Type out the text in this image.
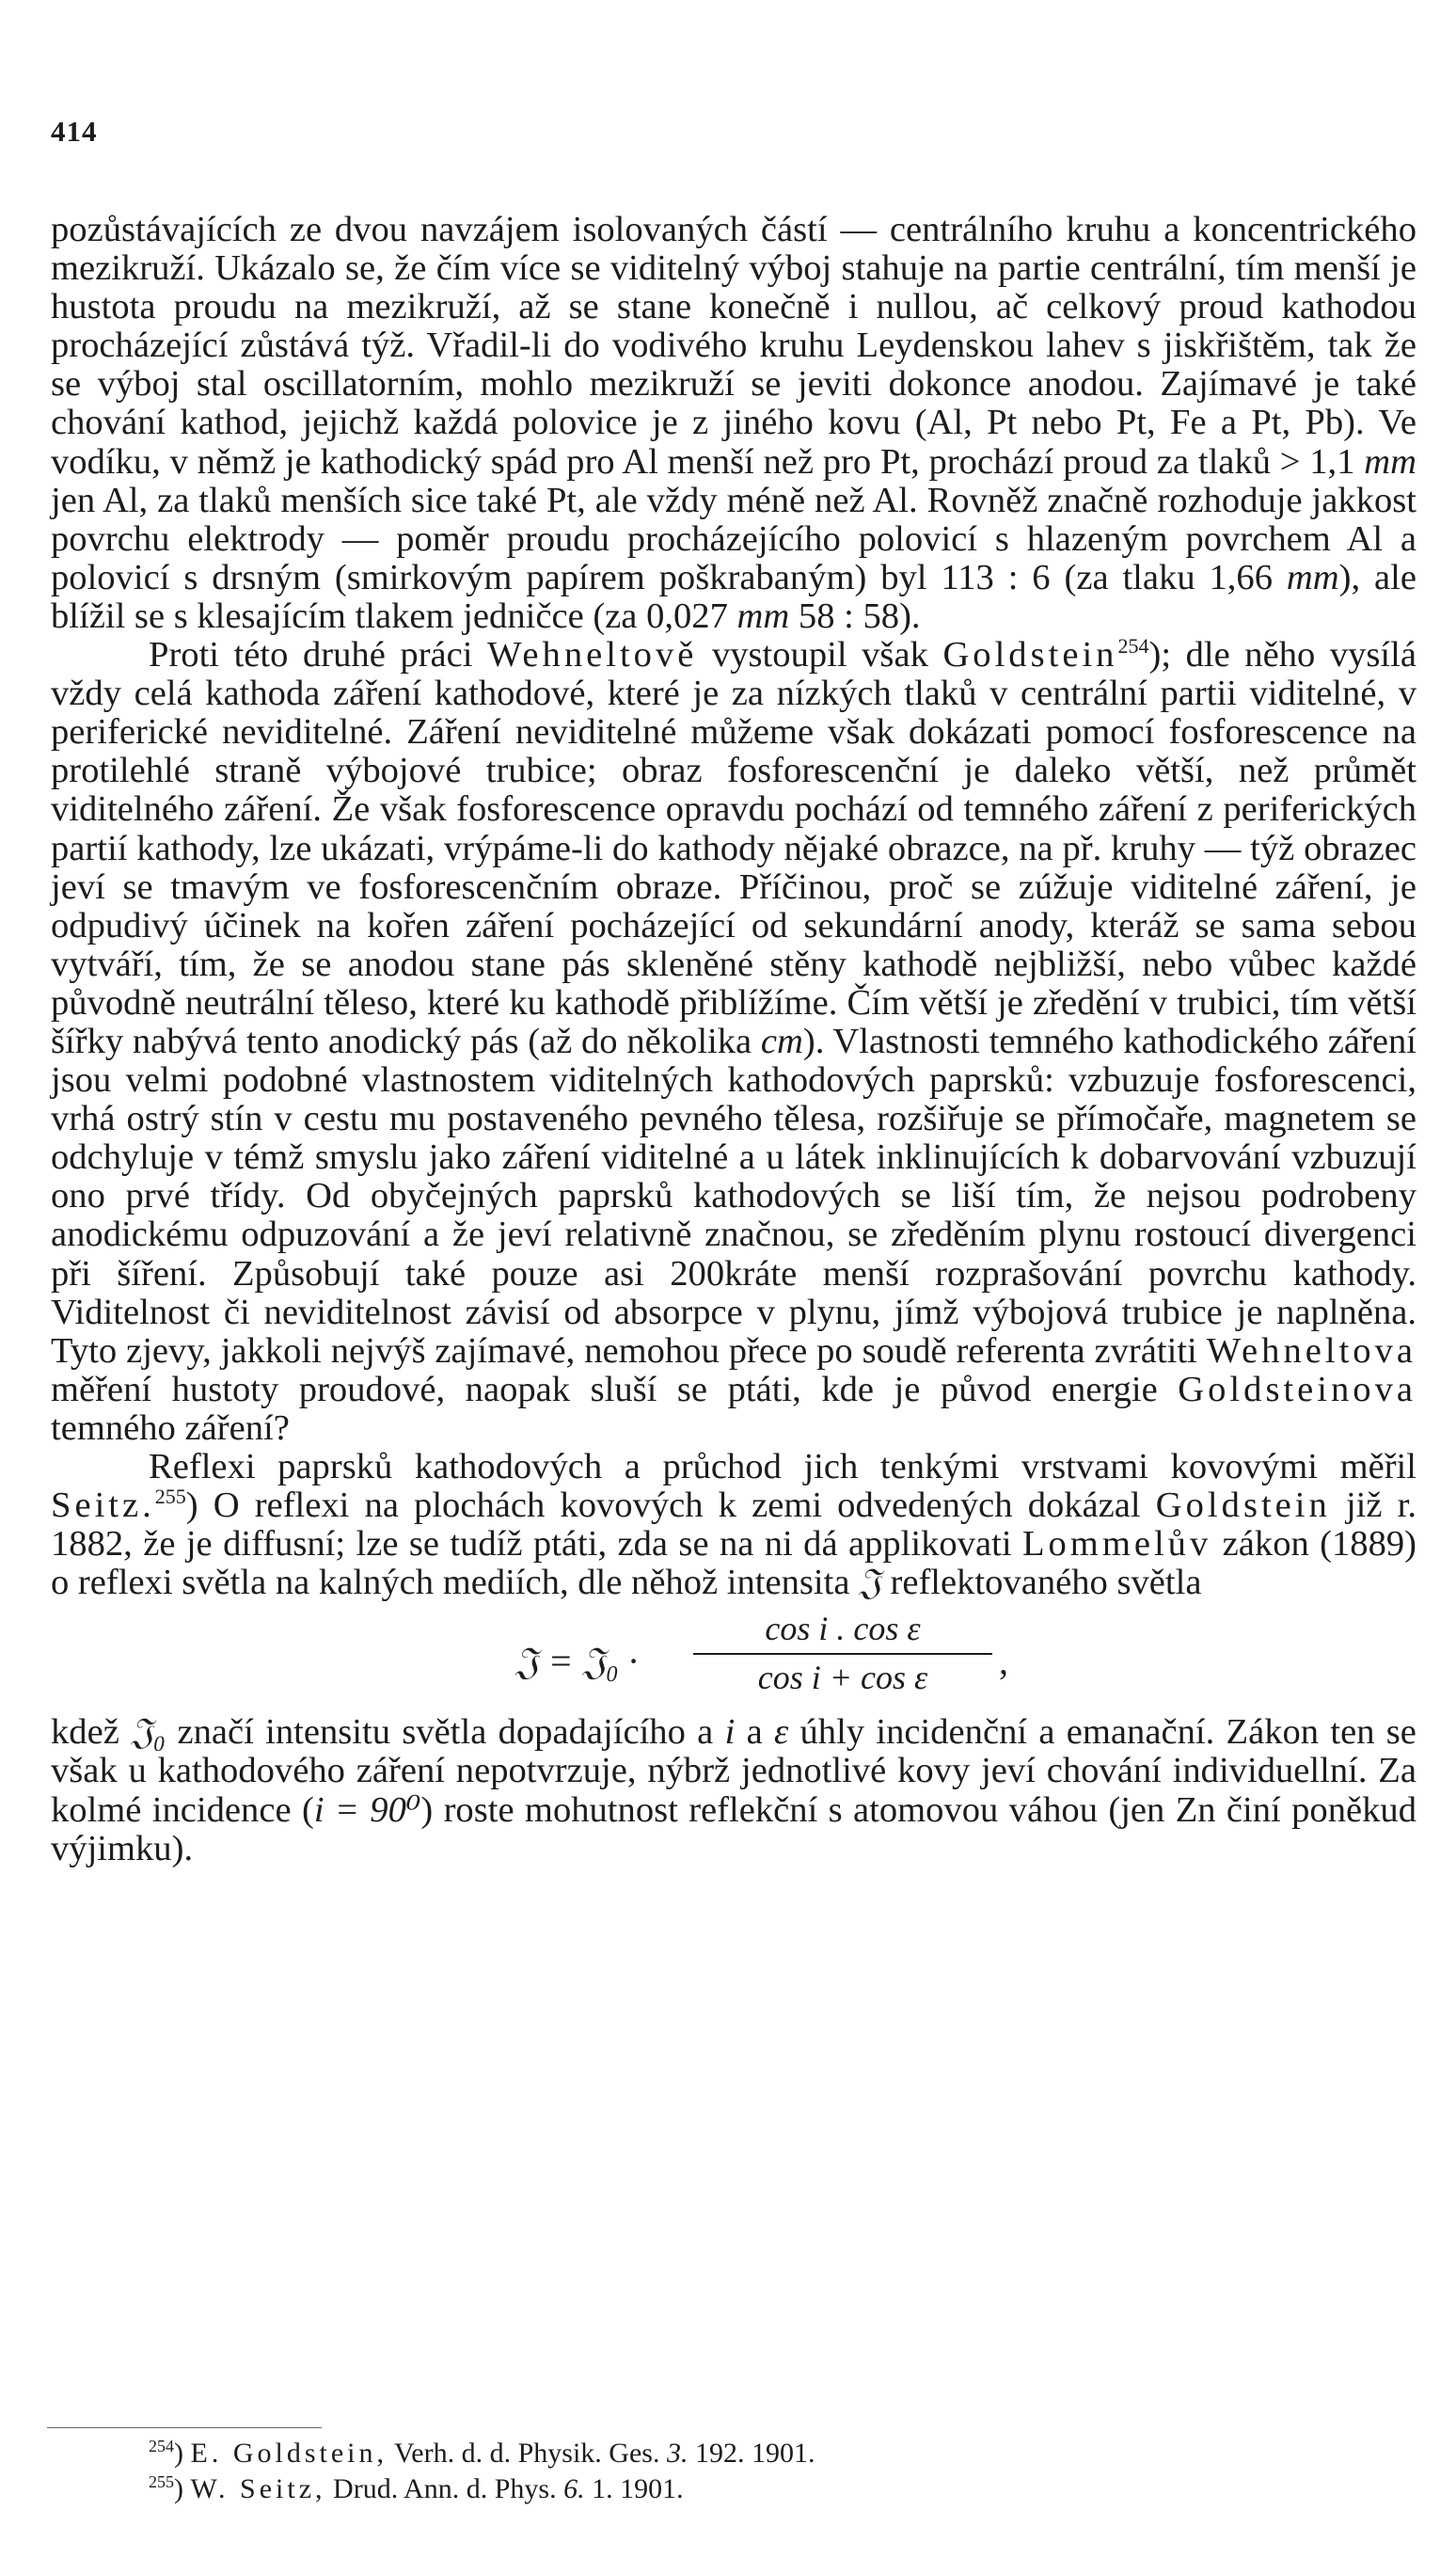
414

pozůstávajících ze dvou navzájem isolovaných částí — centrálního kruhu a koncentrického mezikruží. Ukázalo se, že čím více se viditelný výboj stahuje na partie centrální, tím menší je hustota proudu na mezikruží, až se stane konečně i nullou, ač celkový proud kathodou procházející zůstává týž. Vřadil-li do vodivého kruhu Leydenskou lahev s jiskřištěm, tak že se výboj stal oscillatorním, mohlo mezikruží se jeviti dokonce anodou. Zajímavé je také chování kathod, jejichž každá polovice je z jiného kovu (Al, Pt nebo Pt, Fe a Pt, Pb). Ve vodíku, v němž je kathodický spád pro Al menší než pro Pt, prochází proud za tlaků > 1,1 mm jen Al, za tlaků menších sice také Pt, ale vždy méně než Al. Rovněž značně rozhoduje jakkost povrchu elektrody — poměr proudu procházejícího polovicí s hlazeným povrchem Al a polovicí s drsným (smirkovým papírem poškrabaným) byl 113 : 6 (za tlaku 1,66 mm), ale blížil se s klesajícím tlakem jedničce (za 0,027 mm 58 : 58).

Proti této druhé práci Wehneltově vystoupil však Goldstein$^{254}$); dle něho vysílá vždy celá kathoda záření kathodové, které je za nízkých tlaků v centrální partii viditelné, v periferické neviditelné. Záření neviditelné můžeme však dokázati pomocí fosforescence na protilehlé straně výbojové trubice; obraz fosforescenční je daleko větší, než průmět viditelného záření. Že však fosforescence opravdu pochází od temného záření z periferických partií kathody, lze ukázati, vrýpáme-li do kathody nějaké obrazce, na př. kruhy — týž obrazec jeví se tmavým ve fosforescenčním obraze. Příčinou, proč se zúžuje viditelné záření, je odpudivý účinek na kořen záření pocházející od sekundární anody, kteráž se sama sebou vytváří, tím, že se anodou stane pás skleněné stěny kathodě nejbližší, nebo vůbec každé původně neutrální těleso, které ku kathodě přiblížíme. Čím větší je zředění v trubici, tím větší šířky nabývá tento anodický pás (až do několika cm). Vlastnosti temného kathodického záření jsou velmi podobné vlastnostem viditelných kathodových paprsků: vzbuzuje fosforescenci, vrhá ostrý stín v cestu mu postaveného pevného tělesa, rozšiřuje se přímočaře, magnetem se odchyluje v témž smyslu jako záření viditelné a u látek inklinujících k dobarvování vzbuzují ono prvé třídy. Od obyčejných paprsků kathodových se liší tím, že nejsou podrobeny anodickému odpuzování a že jeví relativně značnou, se zředěním plynu rostoucí divergenci při šíření. Způsobují také pouze asi 200kráte menší rozprašování povrchu kathody. Viditelnost či neviditelnost závisí od absorpce v plynu, jímž výbojová trubice je naplněna. Tyto zjevy, jakkoli nejvýš zajímavé, nemohou přece po soudě referenta zvrátiti Wehneltova měření hustoty proudové, naopak sluší se ptáti, kde je původ energie Goldsteinova temného záření?

Reflexi paprsků kathodových a průchod jich tenkými vrstvami kovovými měřil Seitz.$^{255}$) O reflexi na plochách kovových k zemi odvedených dokázal Goldstein již r. 1882, že je diffusní; lze se tudíž ptáti, zda se na ni dá applikovati Lommelův zákon (1889) o reflexi světla na kalných mediích, dle něhož intensita 𝔍 reflektovaného světla

𝔍 = 𝔍₀ · $\frac{\text{cos i . cos ε}}{\text{cos i + cos ε}}$ ,

kdež 𝔍₀ značí intensitu světla dopadajícího a i a ε úhly incidenční a emanační. Zákon ten se však u kathodového záření nepotvrzuje, nýbrž jednotlivé kovy jeví chování individuellní. Za kolmé incidence (i = 90⁰) roste mohutnost reflekční s atomovou váhou (jen Zn činí poněkud výjimku).

$^{254}$) E. Goldstein, Verh. d. d. Physik. Ges. 3. 192. 1901.
$^{255}$) W. Seitz, Drud. Ann. d. Phys. 6. 1. 1901.
